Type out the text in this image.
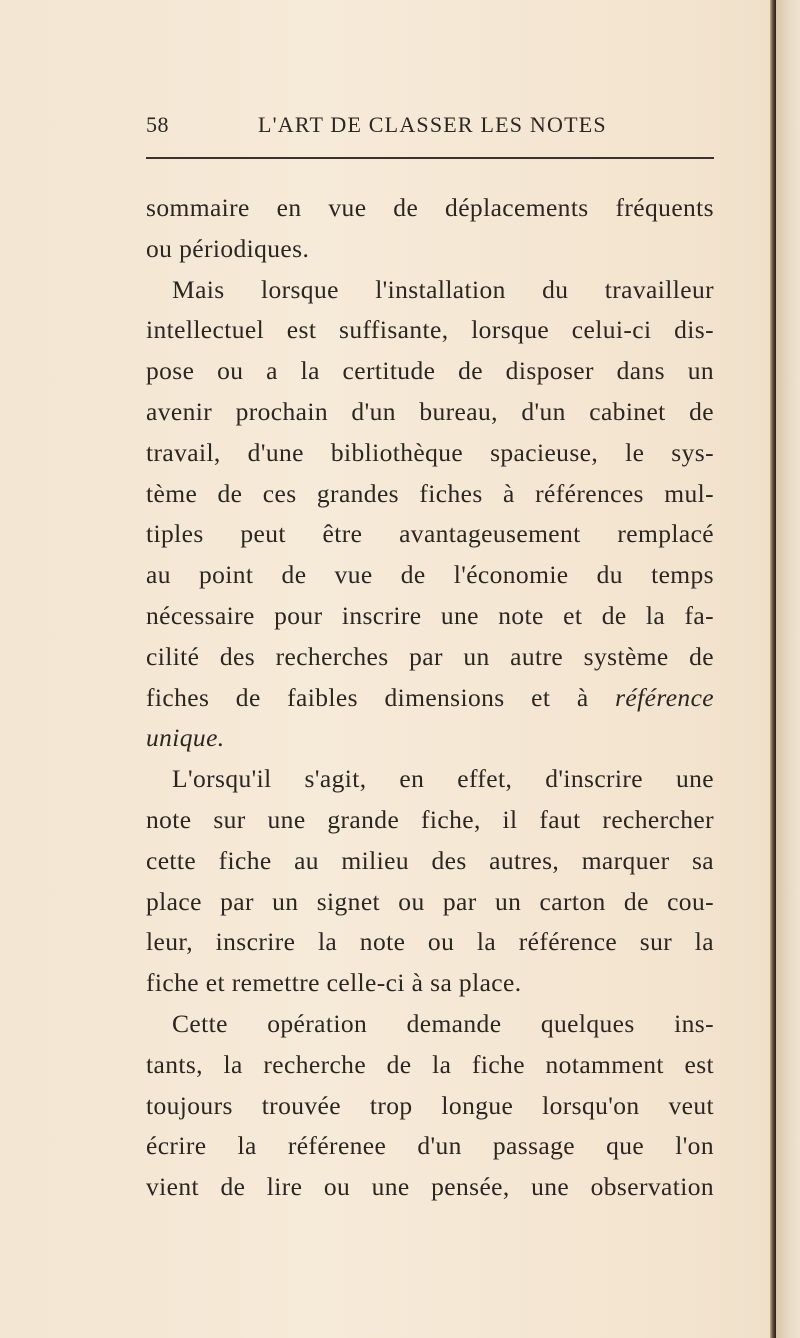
58	L'ART DE CLASSER LES NOTES
sommaire en vue de déplacements fréquents
ou périodiques.
Mais lorsque l'installation du travailleur
intellectuel est suffisante, lorsque celui-ci dis-
pose ou a la certitude de disposer dans un
avenir prochain d'un bureau, d'un cabinet de
travail, d'une bibliothèque spacieuse, le sys-
tème de ces grandes fiches à références mul-
tiples peut être avantageusement remplacé
au point de vue de l'économie du temps
nécessaire pour inscrire une note et de la fa-
cilité des recherches par un autre système de
fiches de faibles dimensions et à référence
unique.
L'orsqu'il s'agit, en effet, d'inscrire une
note sur une grande fiche, il faut rechercher
cette fiche au milieu des autres, marquer sa
place par un signet ou par un carton de cou-
leur, inscrire la note ou la référence sur la
fiche et remettre celle-ci à sa place.
Cette opération demande quelques ins-
tants, la recherche de la fiche notamment est
toujours trouvée trop longue lorsqu'on veut
écrire la référenee d'un passage que l'on
vient de lire ou une pensée, une observation
